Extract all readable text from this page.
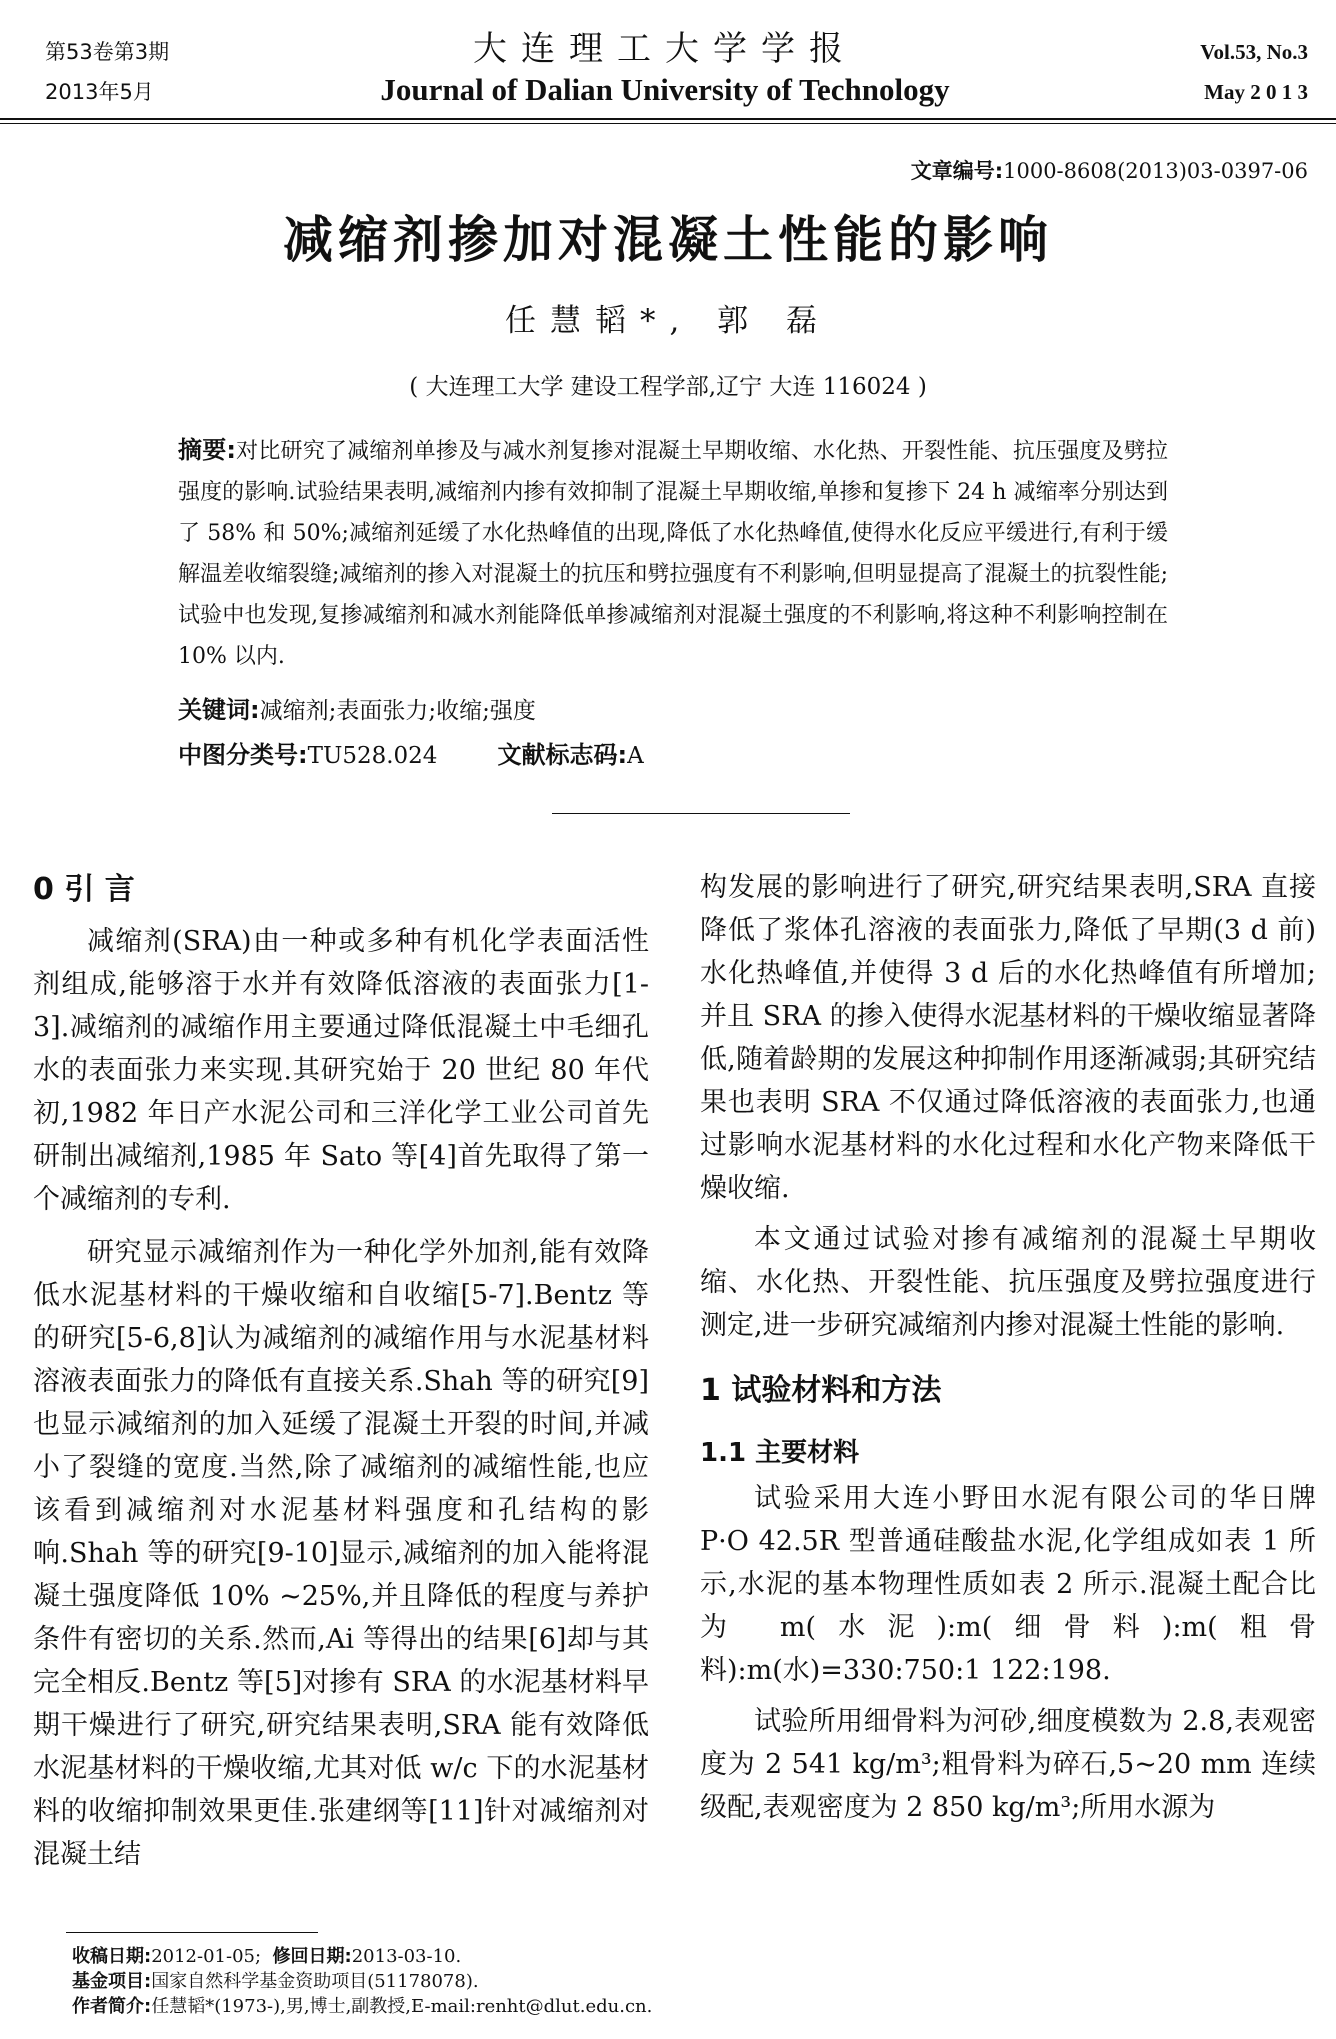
第53卷第3期
2013年5月
大连理工大学学报
Journal of Dalian University of Technology
Vol.53, No.3
May 2 0 1 3
文章编号:1000-8608(2013)03-0397-06
减缩剂掺加对混凝土性能的影响
任慧韬*, 郭 磊
( 大连理工大学 建设工程学部,辽宁 大连 116024 )
摘要:对比研究了减缩剂单掺及与减水剂复掺对混凝土早期收缩、水化热、开裂性能、抗压强度及劈拉强度的影响.试验结果表明,减缩剂内掺有效抑制了混凝土早期收缩,单掺和复掺下 24 h 减缩率分别达到了 58% 和 50%;减缩剂延缓了水化热峰值的出现,降低了水化热峰值,使得水化反应平缓进行,有利于缓解温差收缩裂缝;减缩剂的掺入对混凝土的抗压和劈拉强度有不利影响,但明显提高了混凝土的抗裂性能;试验中也发现,复掺减缩剂和减水剂能降低单掺减缩剂对混凝土强度的不利影响,将这种不利影响控制在 10% 以内.
关键词:减缩剂;表面张力;收缩;强度
中图分类号:TU528.024	文献标志码:A
0 引 言

减缩剂(SRA)由一种或多种有机化学表面活性剂组成,能够溶于水并有效降低溶液的表面张力[1-3].减缩剂的减缩作用主要通过降低混凝土中毛细孔水的表面张力来实现.其研究始于 20 世纪 80 年代初,1982 年日产水泥公司和三洋化学工业公司首先研制出减缩剂,1985 年 Sato 等[4]首先取得了第一个减缩剂的专利.

研究显示减缩剂作为一种化学外加剂,能有效降低水泥基材料的干燥收缩和自收缩[5-7].Bentz 等的研究[5-6,8]认为减缩剂的减缩作用与水泥基材料溶液表面张力的降低有直接关系.Shah 等的研究[9]也显示减缩剂的加入延缓了混凝土开裂的时间,并减小了裂缝的宽度.当然,除了减缩剂的减缩性能,也应该看到减缩剂对水泥基材料强度和孔结构的影响.Shah 等的研究[9-10]显示,减缩剂的加入能将混凝土强度降低 10% ~25%,并且降低的程度与养护条件有密切的关系.然而,Ai 等得出的结果[6]却与其完全相反.Bentz 等[5]对掺有 SRA 的水泥基材料早期干燥进行了研究,研究结果表明,SRA 能有效降低水泥基材料的干燥收缩,尤其对低 w/c 下的水泥基材料的收缩抑制效果更佳.张建纲等[11]针对减缩剂对混凝土结

构发展的影响进行了研究,研究结果表明,SRA 直接降低了浆体孔溶液的表面张力,降低了早期(3 d 前)水化热峰值,并使得 3 d 后的水化热峰值有所增加;并且 SRA 的掺入使得水泥基材料的干燥收缩显著降低,随着龄期的发展这种抑制作用逐渐减弱;其研究结果也表明 SRA 不仅通过降低溶液的表面张力,也通过影响水泥基材料的水化过程和水化产物来降低干燥收缩.

本文通过试验对掺有减缩剂的混凝土早期收缩、水化热、开裂性能、抗压强度及劈拉强度进行测定,进一步研究减缩剂内掺对混凝土性能的影响.

1 试验材料和方法
1.1 主要材料

试验采用大连小野田水泥有限公司的华日牌 P·O 42.5R 型普通硅酸盐水泥,化学组成如表 1 所示,水泥的基本物理性质如表 2 所示.混凝土配合比为 m(水泥):m(细骨料):m(粗骨料):m(水)=330:750:1 122:198.

试验所用细骨料为河砂,细度模数为 2.8,表观密度为 2 541 kg/m³;粗骨料为碎石,5~20 mm 连续级配,表观密度为 2 850 kg/m³;所用水源为

收稿日期:2012-01-05; 修回日期:2013-03-10.
基金项目:国家自然科学基金资助项目(51178078).
作者简介:任慧韬*(1973-),男,博士,副教授,E-mail:renht@dlut.edu.cn.
